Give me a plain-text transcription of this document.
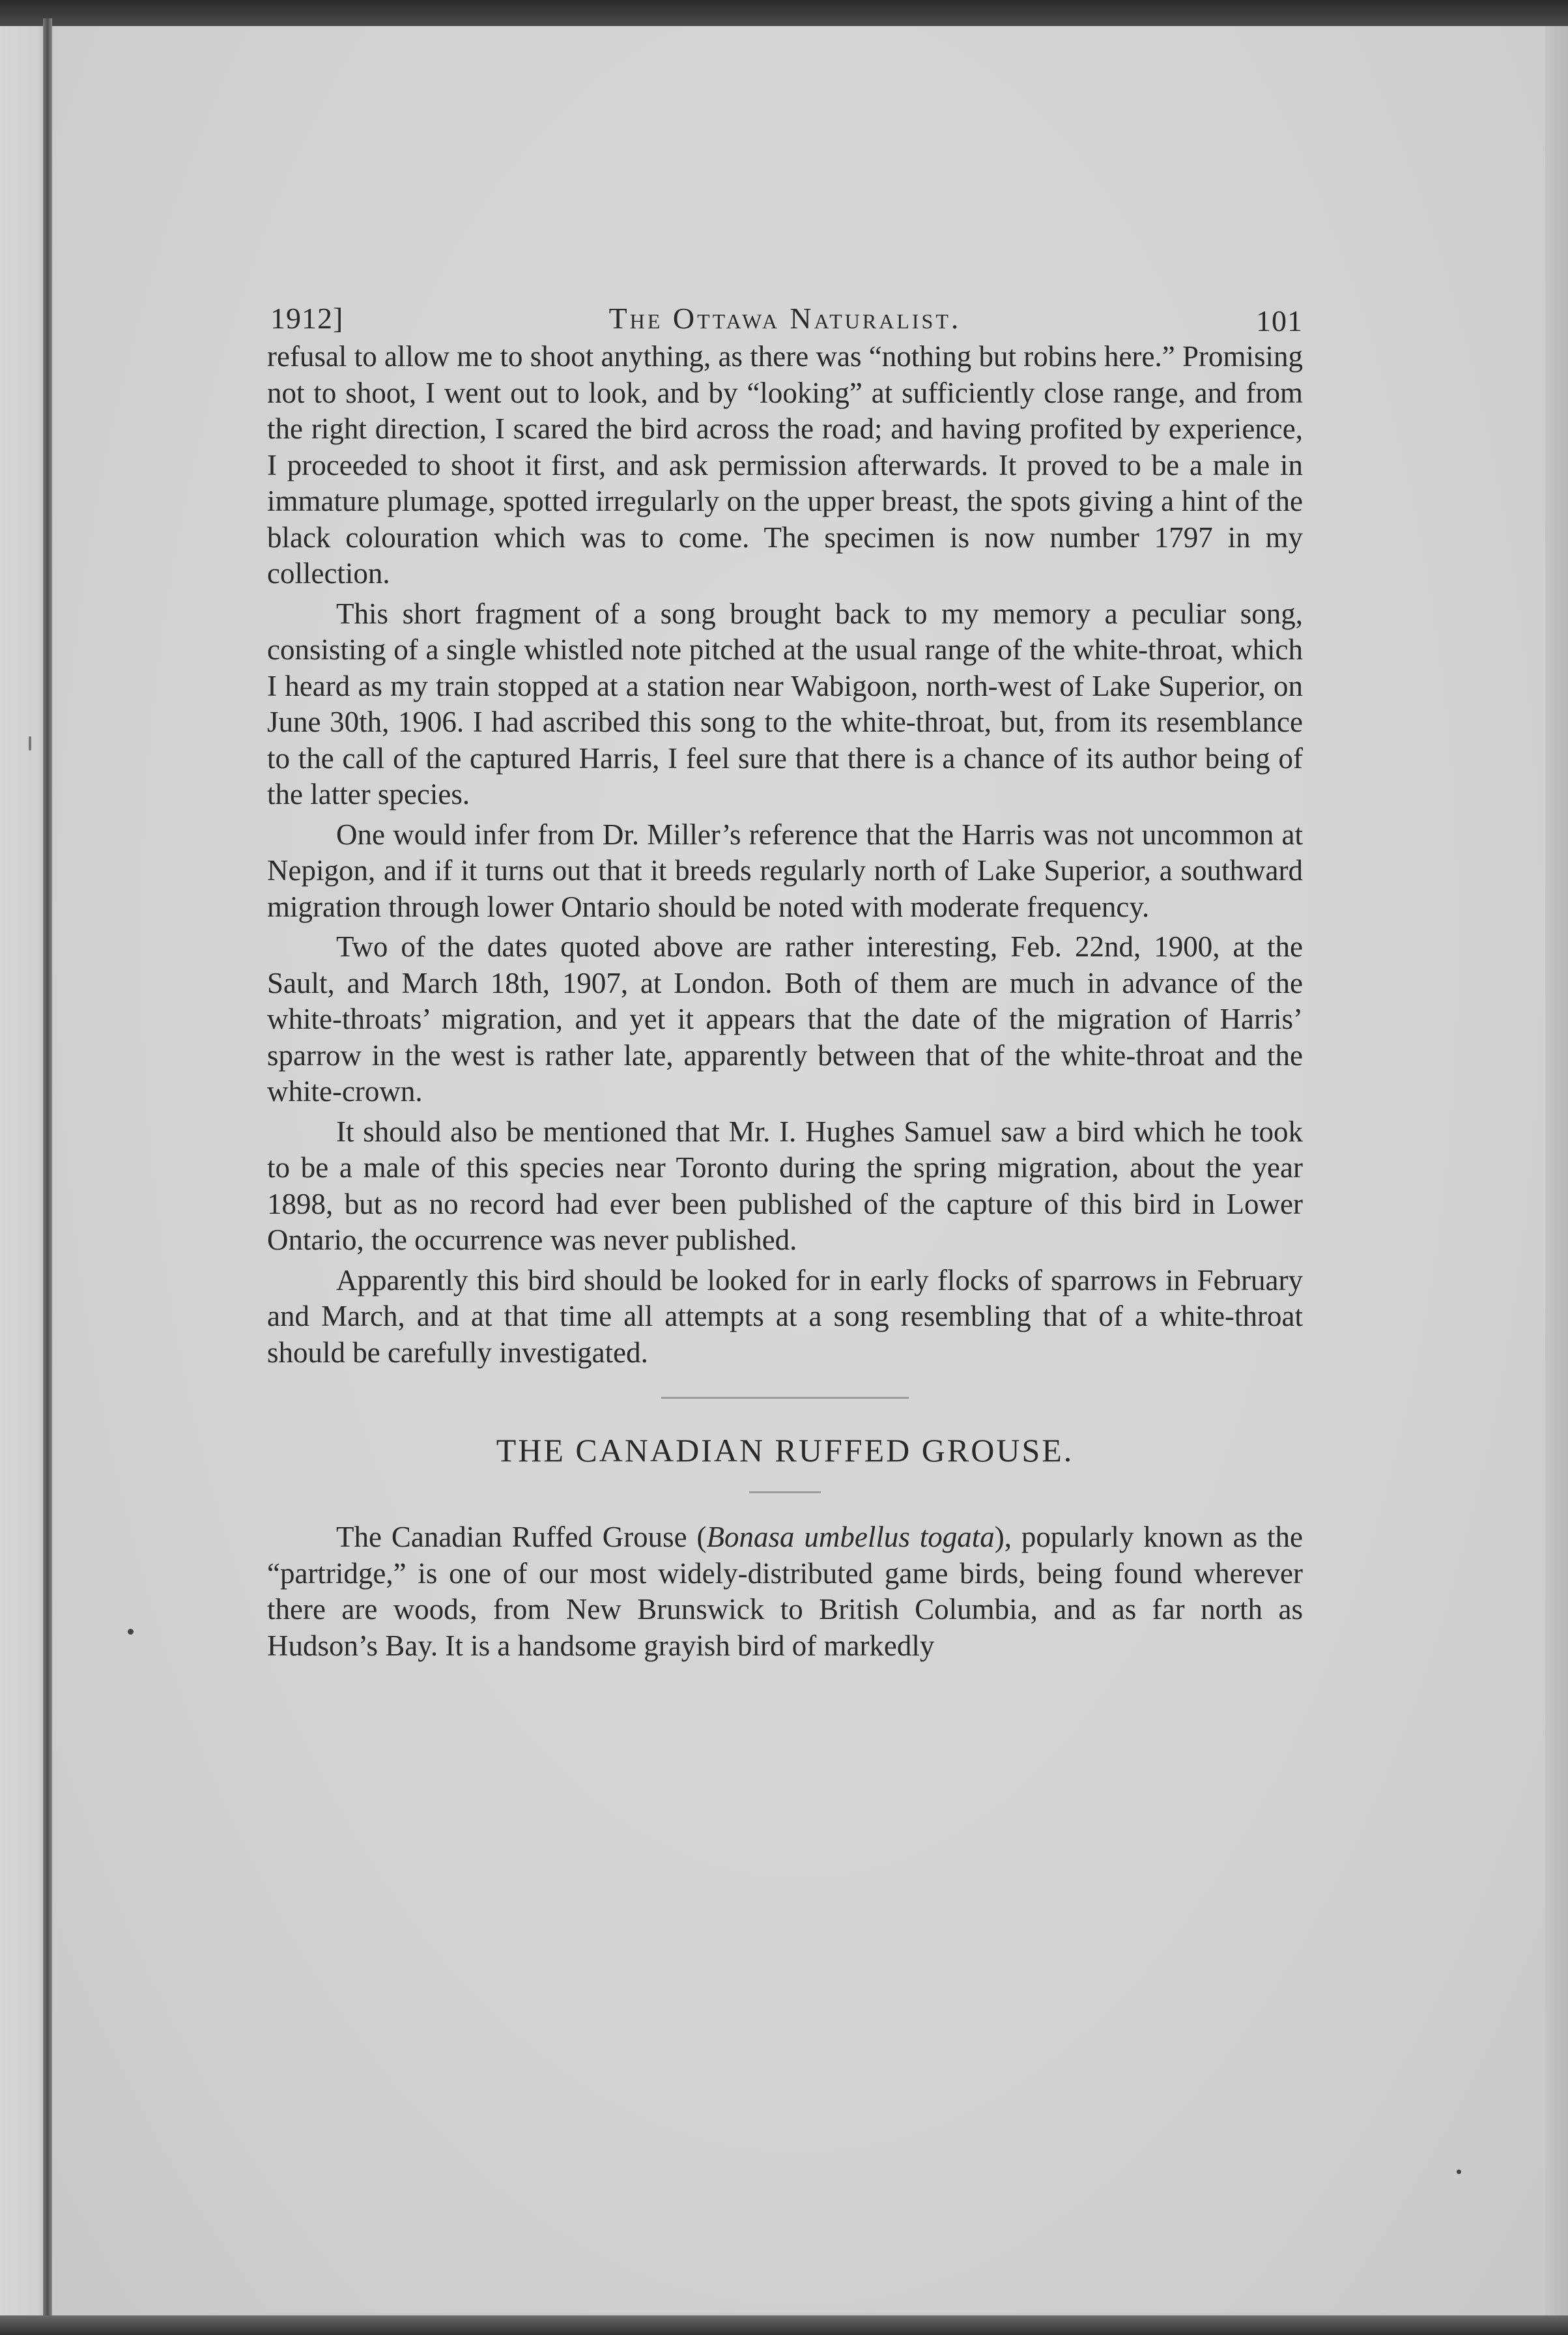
1912]	The Ottawa Naturalist.	101

refusal to allow me to shoot anything, as there was “nothing but robins here.” Promising not to shoot, I went out to look, and by “looking” at sufficiently close range, and from the right direction, I scared the bird across the road; and having profited by experience, I proceeded to shoot it first, and ask permission afterwards. It proved to be a male in immature plumage, spotted irregularly on the upper breast, the spots giving a hint of the black colouration which was to come. The specimen is now number 1797 in my collection.

This short fragment of a song brought back to my memory a peculiar song, consisting of a single whistled note pitched at the usual range of the white-throat, which I heard as my train stopped at a station near Wabigoon, north-west of Lake Superior, on June 30th, 1906. I had ascribed this song to the white-throat, but, from its resemblance to the call of the captured Harris, I feel sure that there is a chance of its author being of the latter species.

One would infer from Dr. Miller’s reference that the Harris was not uncommon at Nepigon, and if it turns out that it breeds regularly north of Lake Superior, a southward migration through lower Ontario should be noted with moderate frequency.

Two of the dates quoted above are rather interesting, Feb. 22nd, 1900, at the Sault, and March 18th, 1907, at London. Both of them are much in advance of the white-throats’ migration, and yet it appears that the date of the migration of Harris’ sparrow in the west is rather late, apparently between that of the white-throat and the white-crown.

It should also be mentioned that Mr. I. Hughes Samuel saw a bird which he took to be a male of this species near Toronto during the spring migration, about the year 1898, but as no record had ever been published of the capture of this bird in Lower Ontario, the occurrence was never published.

Apparently this bird should be looked for in early flocks of sparrows in February and March, and at that time all attempts at a song resembling that of a white-throat should be carefully investigated.

THE CANADIAN RUFFED GROUSE.

The Canadian Ruffed Grouse (Bonasa umbellus togata), popularly known as the “partridge,” is one of our most widely-distributed game birds, being found wherever there are woods, from New Brunswick to British Columbia, and as far north as Hudson’s Bay. It is a handsome grayish bird of markedly
